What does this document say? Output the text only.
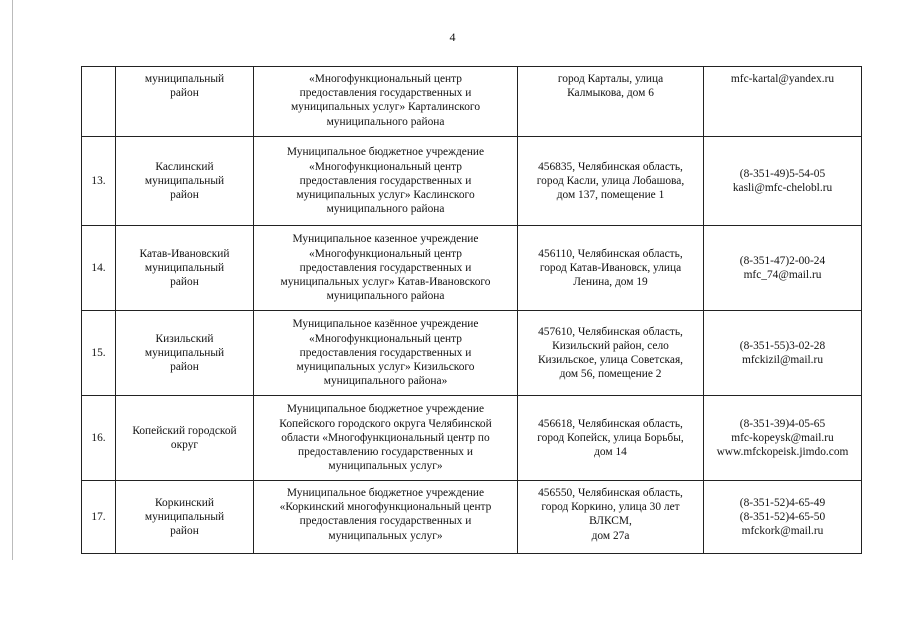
4

	муниципальный
район	«Многофункциональный центр
предоставления государственных и
муниципальных услуг» Карталинского
муниципального района	город Карталы, улица
Калмыкова, дом 6	mfc-kartal@yandex.ru

13.	Каслинский
муниципальный
район	Муниципальное бюджетное учреждение
«Многофункциональный центр
предоставления государственных и
муниципальных услуг» Каслинского
муниципального района	456835, Челябинская область,
город Касли, улица Лобашова,
дом 137, помещение 1	(8-351-49)5-54-05
kasli@mfc-chelobl.ru

14.	Катав-Ивановский
муниципальный
район	Муниципальное казенное учреждение
«Многофункциональный центр
предоставления государственных и
муниципальных услуг» Катав-Ивановского
муниципального района	456110, Челябинская область,
город Катав-Ивановск, улица
Ленина, дом 19	(8-351-47)2-00-24
mfc_74@mail.ru

15.	Кизильский
муниципальный
район	Муниципальное казённое учреждение
«Многофункциональный центр
предоставления государственных и
муниципальных услуг» Кизильского
муниципального района»	457610, Челябинская область,
Кизильский район, село
Кизильское, улица Советская,
дом 56, помещение 2	(8-351-55)3-02-28
mfckizil@mail.ru

16.	Копейский городской
округ	Муниципальное бюджетное учреждение
Копейского городского округа Челябинской
области «Многофункциональный центр по
предоставлению государственных и
муниципальных услуг»	456618, Челябинская область,
город Копейск, улица Борьбы,
дом 14	(8-351-39)4-05-65
mfc-kopeysk@mail.ru
www.mfckopeisk.jimdo.com

17.	Коркинский
муниципальный
район	Муниципальное бюджетное учреждение
«Коркинский многофункциональный центр
предоставления государственных и
муниципальных услуг»	456550, Челябинская область,
город Коркино, улица 30 лет
ВЛКСМ,
дом 27а	(8-351-52)4-65-49
(8-351-52)4-65-50
mfckork@mail.ru
